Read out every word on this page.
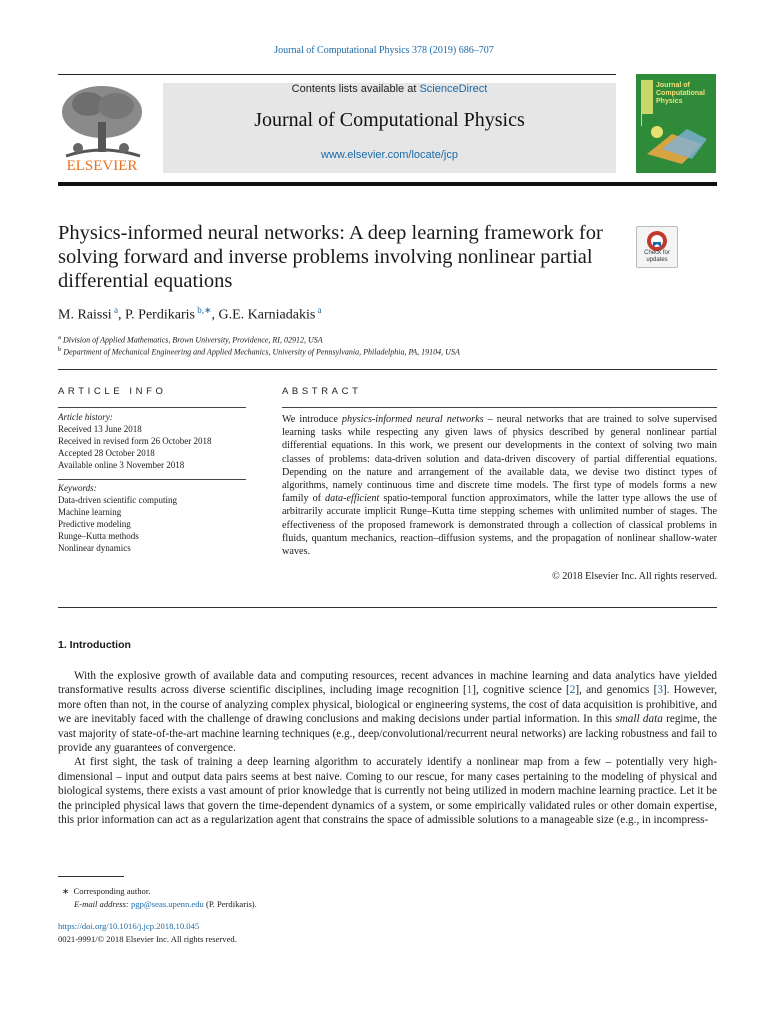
Journal of Computational Physics 378 (2019) 686–707
ELSEVIER
Contents lists available at ScienceDirect
Journal of Computational Physics
www.elsevier.com/locate/jcp
Journal of Computational Physics
Physics-informed neural networks: A deep learning framework for solving forward and inverse problems involving nonlinear partial differential equations
Check for updates
M. Raissi $^a$, P. Perdikaris $^{b,∗}$, G.E. Karniadakis $^a$
$^a$ Division of Applied Mathematics, Brown University, Providence, RI, 02912, USA
$^b$ Department of Mechanical Engineering and Applied Mechanics, University of Pennsylvania, Philadelphia, PA, 19104, USA
ARTICLE INFO
Article history:
Received 13 June 2018
Received in revised form 26 October 2018
Accepted 28 October 2018
Available online 3 November 2018
Keywords:
Data-driven scientific computing
Machine learning
Predictive modeling
Runge–Kutta methods
Nonlinear dynamics
ABSTRACT
We introduce physics-informed neural networks – neural networks that are trained to solve supervised learning tasks while respecting any given laws of physics described by general nonlinear partial differential equations. In this work, we present our developments in the context of solving two main classes of problems: data-driven solution and data-driven discovery of partial differential equations. Depending on the nature and arrangement of the available data, we devise two distinct types of algorithms, namely continuous time and discrete time models. The first type of models forms a new family of data-efficient spatio-temporal function approximators, while the latter type allows the use of arbitrarily accurate implicit Runge–Kutta time stepping schemes with unlimited number of stages. The effectiveness of the proposed framework is demonstrated through a collection of classical problems in fluids, quantum mechanics, reaction–diffusion systems, and the propagation of nonlinear shallow-water waves.
© 2018 Elsevier Inc. All rights reserved.
1. Introduction

With the explosive growth of available data and computing resources, recent advances in machine learning and data analytics have yielded transformative results across diverse scientific disciplines, including image recognition [1], cognitive science [2], and genomics [3]. However, more often than not, in the course of analyzing complex physical, biological or engineering systems, the cost of data acquisition is prohibitive, and we are inevitably faced with the challenge of drawing conclusions and making decisions under partial information. In this small data regime, the vast majority of state-of-the-art machine learning techniques (e.g., deep/convolutional/recurrent neural networks) are lacking robustness and fail to provide any guarantees of convergence.

At first sight, the task of training a deep learning algorithm to accurately identify a nonlinear map from a few – potentially very high-dimensional – input and output data pairs seems at best naive. Coming to our rescue, for many cases pertaining to the modeling of physical and biological systems, there exists a vast amount of prior knowledge that is currently not being utilized in modern machine learning practice. Let it be the principled physical laws that govern the time-dependent dynamics of a system, or some empirically validated rules or other domain expertise, this prior information can act as a regularization agent that constrains the space of admissible solutions to a manageable size (e.g., in incompress-

∗ Corresponding author.
E-mail address: pgp@seas.upenn.edu (P. Perdikaris).
https://doi.org/10.1016/j.jcp.2018.10.045
0021-9991/© 2018 Elsevier Inc. All rights reserved.
